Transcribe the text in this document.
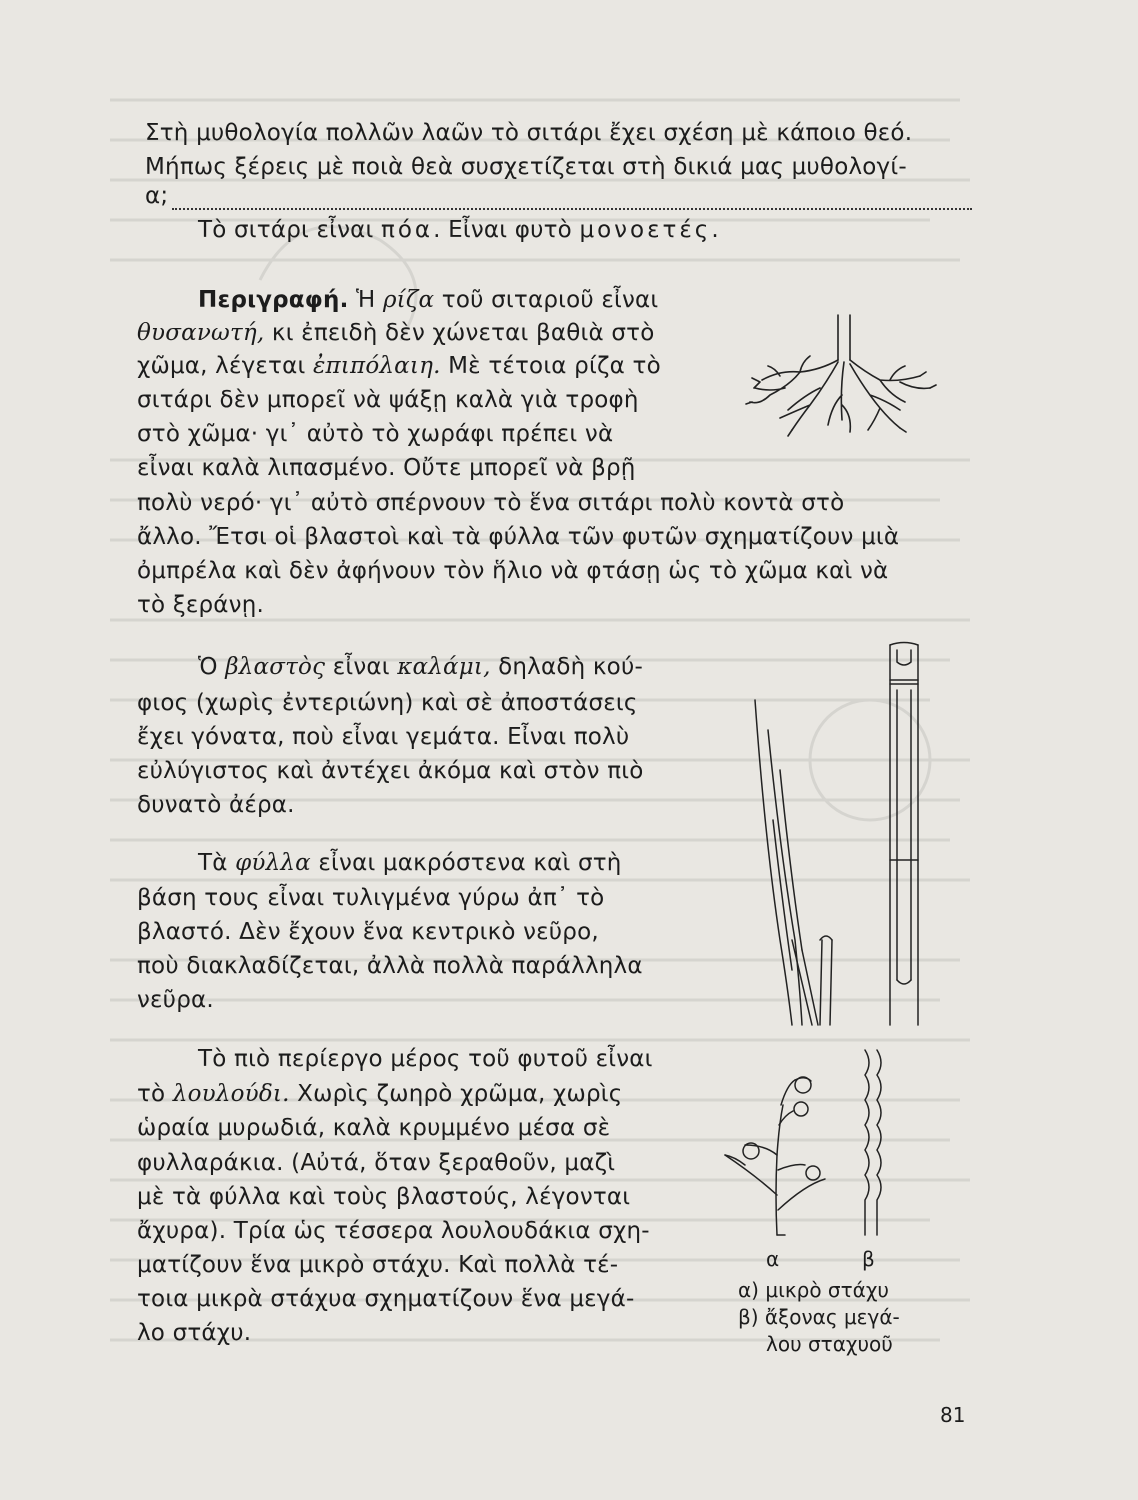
Στὴ μυθολογία πολλῶν λαῶν τὸ σιτάρι ἔχει σχέση μὲ κάποιο θεό.
Μήπως ξέρεις μὲ ποιὰ θεὰ συσχετίζεται στὴ δικιά μας μυθολογί-
α;
Τὸ σιτάρι εἶναι πόα. Εἶναι φυτὸ μονοετές.
Περιγραφή. Ἡ ρίζα τοῦ σιταριοῦ εἶναι
θυσανωτή, κι ἐπειδὴ δὲν χώνεται βαθιὰ στὸ
χῶμα, λέγεται ἐπιπόλαιη. Μὲ τέτοια ρίζα τὸ
σιτάρι δὲν μπορεῖ νὰ ψάξῃ καλὰ γιὰ τροφὴ
στὸ χῶμα· γι᾿ αὐτὸ τὸ χωράφι πρέπει νὰ
εἶναι καλὰ λιπασμένο. Οὔτε μπορεῖ νὰ βρῇ
πολὺ νερό· γι᾿ αὐτὸ σπέρνουν τὸ ἕνα σιτάρι πολὺ κοντὰ στὸ
ἄλλο. Ἔτσι οἱ βλαστοὶ καὶ τὰ φύλλα τῶν φυτῶν σχηματίζουν μιὰ
ὀμπρέλα καὶ δὲν ἀφήνουν τὸν ἥλιο νὰ φτάσῃ ὡς τὸ χῶμα καὶ νὰ
τὸ ξεράνῃ.
Ὁ βλαστὸς εἶναι καλάμι, δηλαδὴ κού-
φιος (χωρὶς ἐντεριώνη) καὶ σὲ ἀποστάσεις
ἔχει γόνατα, ποὺ εἶναι γεμάτα. Εἶναι πολὺ
εὐλύγιστος καὶ ἀντέχει ἀκόμα καὶ στὸν πιὸ
δυνατὸ ἀέρα.
Τὰ φύλλα εἶναι μακρόστενα καὶ στὴ
βάση τους εἶναι τυλιγμένα γύρω ἀπ᾿ τὸ
βλαστό. Δὲν ἔχουν ἕνα κεντρικὸ νεῦρο,
ποὺ διακλαδίζεται, ἀλλὰ πολλὰ παράλληλα
νεῦρα.
Τὸ πιὸ περίεργο μέρος τοῦ φυτοῦ εἶναι
τὸ λουλούδι. Χωρὶς ζωηρὸ χρῶμα, χωρὶς
ὡραία μυρωδιά, καλὰ κρυμμένο μέσα σὲ
φυλλαράκια. (Αὐτά, ὅταν ξεραθοῦν, μαζὶ
μὲ τὰ φύλλα καὶ τοὺς βλαστούς, λέγονται
ἄχυρα). Τρία ὡς τέσσερα λουλουδάκια σχη-
ματίζουν ἕνα μικρὸ στάχυ. Καὶ πολλὰ τέ-
τοια μικρὰ στάχυα σχηματίζουν ἕνα μεγά-
λο στάχυ.
α	β
α) μικρὸ στάχυ
β) ἄξονας μεγά-
λου σταχυοῦ
81
